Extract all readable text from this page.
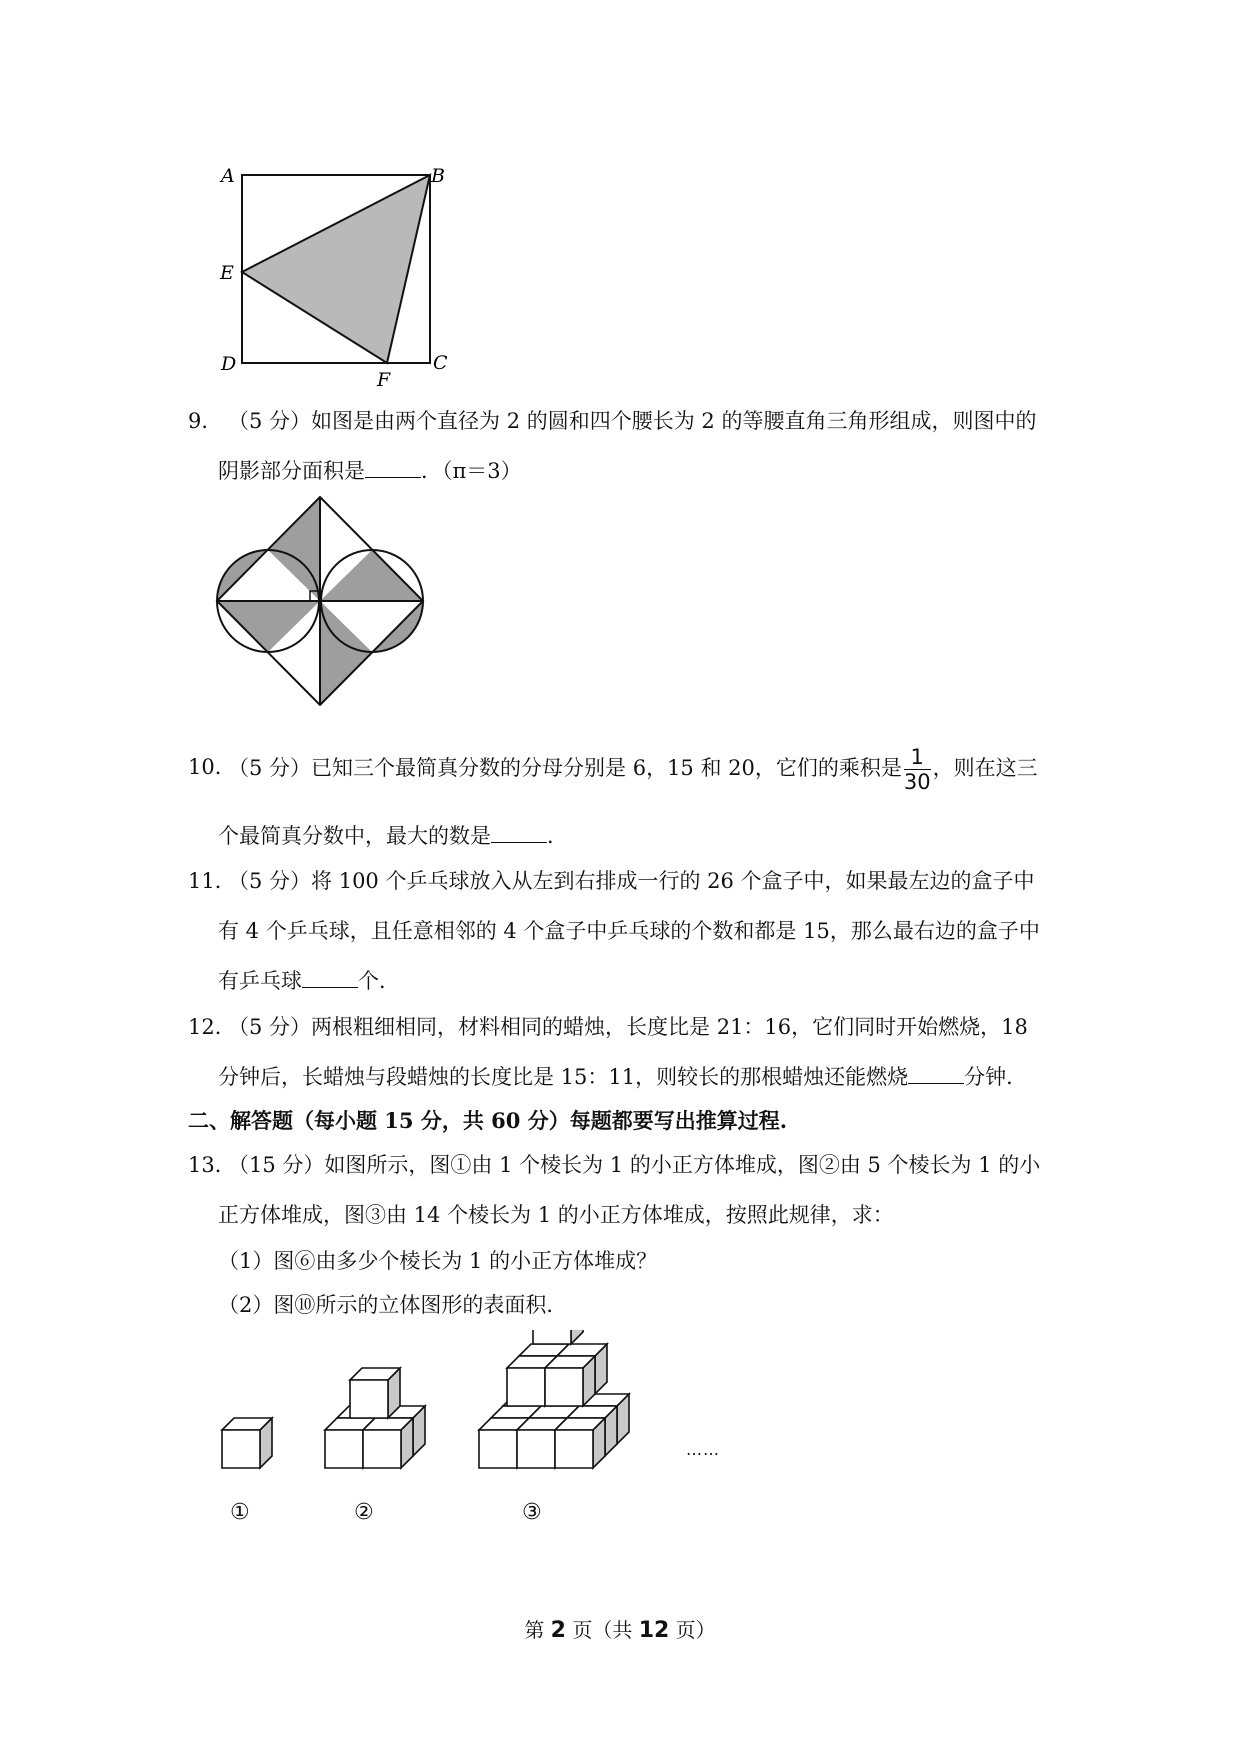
A	B
E
D	C
F
9． （5 分）如图是由两个直径为 2 的圆和四个腰长为 2 的等腰直角三角形组成，则图中的
阴影部分面积是	．（π＝3）
10．
（5 分）已知三个最简真分数的分母分别是 6，15 和 20，它们的乘积是 $\frac{1}{30}$ ，则在这三
个最简真分数中，最大的数是	．
11．
（5 分）将 100 个乒乓球放入从左到右排成一行的 26 个盒子中，如果最左边的盒子中
有 4 个乒乓球，且任意相邻的 4 个盒子中乒乓球的个数和都是 15，那么最右边的盒子中
有乒乓球	个．
12．
（5 分）两根粗细相同，材料相同的蜡烛，长度比是 21：16，它们同时开始燃烧，18
分钟后，长蜡烛与段蜡烛的长度比是 15：11，则较长的那根蜡烛还能燃烧	分钟．
二、解答题（每小题 15 分，共 60 分）每题都要写出推算过程.
13．
（15 分）如图所示，图①由 1 个棱长为 1 的小正方体堆成，图②由 5 个棱长为 1 的小
正方体堆成，图③由 14 个棱长为 1 的小正方体堆成，按照此规律，求：
（1）图⑥由多少个棱长为 1 的小正方体堆成？
（2）图⑩所示的立体图形的表面积．
①	②	③
……
第 2 页（共 12 页）
